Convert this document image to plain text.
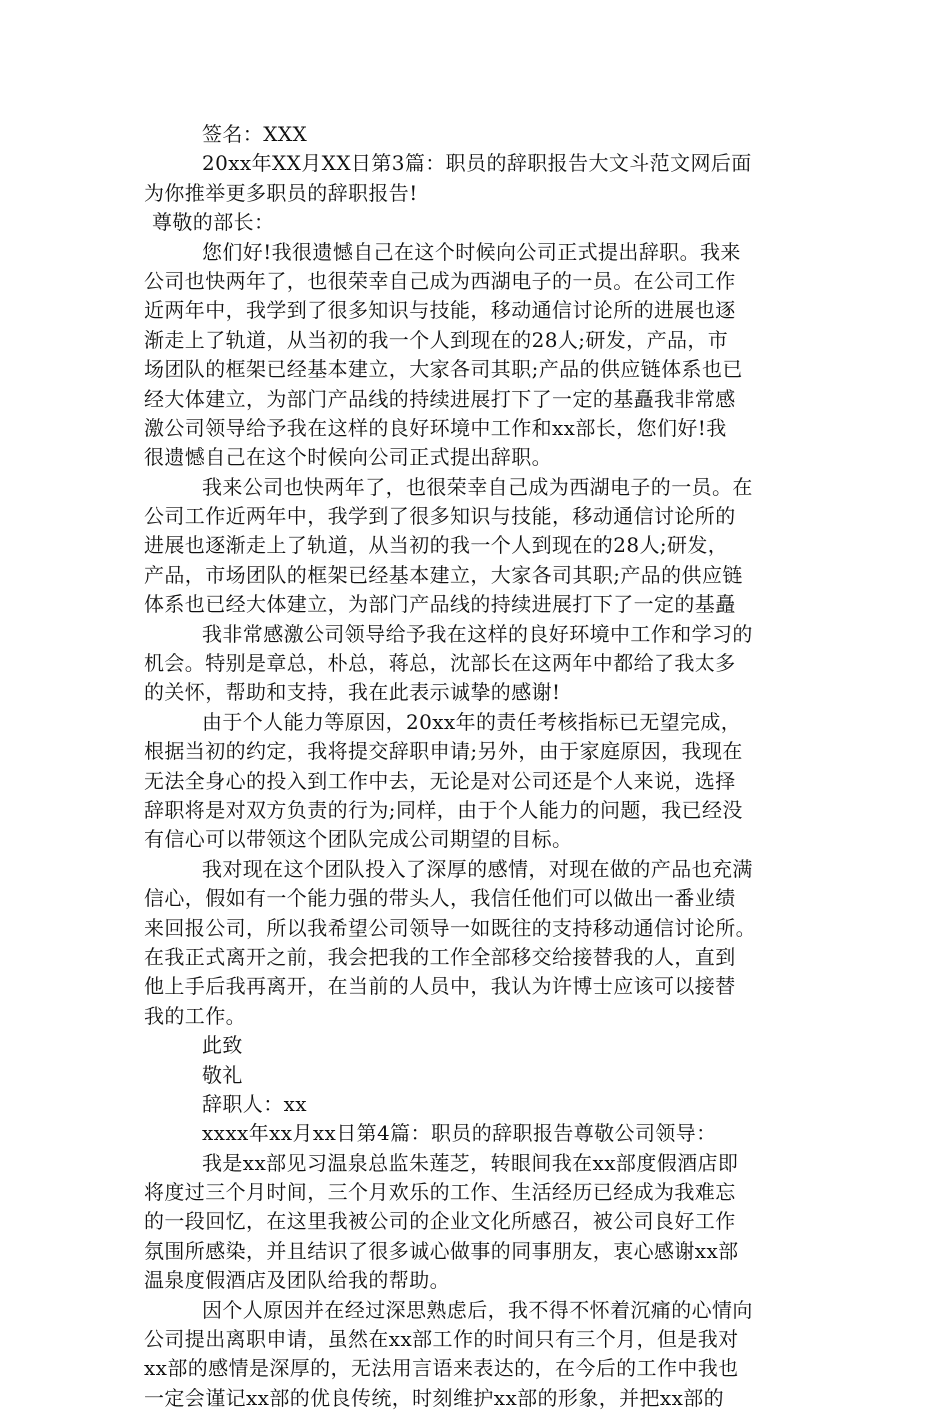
签名：XXX
20xx年XX月XX日第3篇：职员的辞职报告大文斗范文网后面
为你推举更多职员的辞职报告!
尊敬的部长：
您们好!我很遗憾自己在这个时候向公司正式提出辞职。我来
公司也快两年了，也很荣幸自己成为西湖电子的一员。在公司工作
近两年中，我学到了很多知识与技能，移动通信讨论所的进展也逐
渐走上了轨道，从当初的我一个人到现在的28人;研发，产品，市
场团队的框架已经基本建立，大家各司其职;产品的供应链体系也已
经大体建立，为部门产品线的持续进展打下了一定的基矗我非常感
激公司领导给予我在这样的良好环境中工作和xx部长，您们好!我
很遗憾自己在这个时候向公司正式提出辞职。
我来公司也快两年了，也很荣幸自己成为西湖电子的一员。在
公司工作近两年中，我学到了很多知识与技能，移动通信讨论所的
进展也逐渐走上了轨道，从当初的我一个人到现在的28人;研发，
产品，市场团队的框架已经基本建立，大家各司其职;产品的供应链
体系也已经大体建立，为部门产品线的持续进展打下了一定的基矗
我非常感激公司领导给予我在这样的良好环境中工作和学习的
机会。特别是章总，朴总，蒋总，沈部长在这两年中都给了我太多
的关怀，帮助和支持，我在此表示诚挚的感谢!
由于个人能力等原因，20xx年的责任考核指标已无望完成，
根据当初的约定，我将提交辞职申请;另外，由于家庭原因，我现在
无法全身心的投入到工作中去，无论是对公司还是个人来说，选择
辞职将是对双方负责的行为;同样，由于个人能力的问题，我已经没
有信心可以带领这个团队完成公司期望的目标。
我对现在这个团队投入了深厚的感情，对现在做的产品也充满
信心，假如有一个能力强的带头人，我信任他们可以做出一番业绩
来回报公司，所以我希望公司领导一如既往的支持移动通信讨论所。
在我正式离开之前，我会把我的工作全部移交给接替我的人，直到
他上手后我再离开，在当前的人员中，我认为许博士应该可以接替
我的工作。
此致
敬礼
辞职人：xx
xxxx年xx月xx日第4篇：职员的辞职报告尊敬公司领导：
我是xx部见习温泉总监朱莲芝，转眼间我在xx部度假酒店即
将度过三个月时间，三个月欢乐的工作、生活经历已经成为我难忘
的一段回忆，在这里我被公司的企业文化所感召，被公司良好工作
氛围所感染，并且结识了很多诚心做事的同事朋友，衷心感谢xx部
温泉度假酒店及团队给我的帮助。
因个人原因并在经过深思熟虑后，我不得不怀着沉痛的心情向
公司提出离职申请，虽然在xx部工作的时间只有三个月，但是我对
xx部的感情是深厚的，无法用言语来表达的，在今后的工作中我也
一定会谨记xx部的优良传统，时刻维护xx部的形象，并把xx部的
